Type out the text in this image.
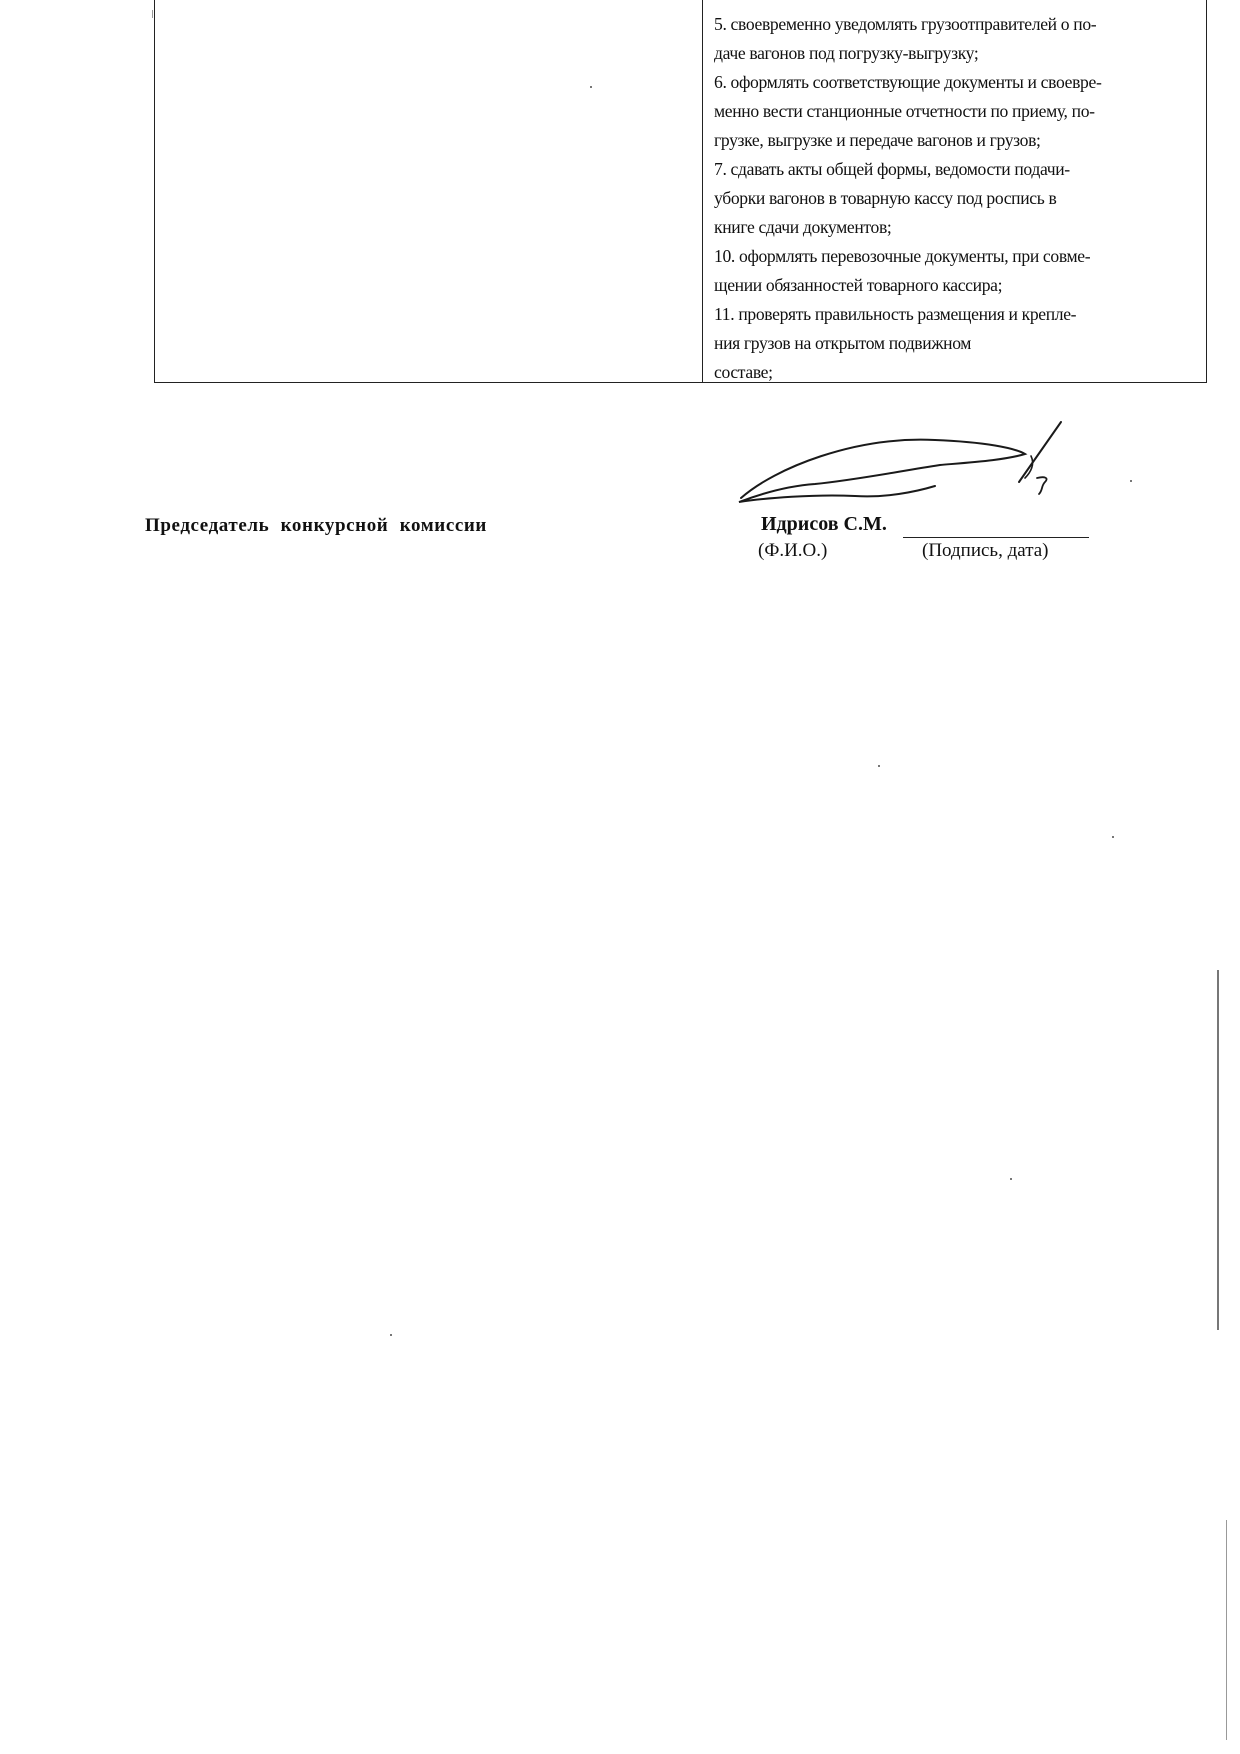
5. своевременно уведомлять грузоотправителей о по-
даче вагонов под погрузку-выгрузку;
6. оформлять соответствующие документы и своевре-
менно вести станционные отчетности по приему, по-
грузке, выгрузке и передаче вагонов и грузов;
7. сдавать акты общей формы, ведомости подачи-
уборки вагонов в товарную кассу под роспись в
книге сдачи документов;
10. оформлять перевозочные документы, при совме-
щении обязанностей товарного кассира;
11. проверять правильность размещения и крепле-
ния грузов на открытом подвижном
составе;
Председатель конкурсной комиссии	Идрисов С.М.
(Ф.И.О.)	(Подпись, дата)
